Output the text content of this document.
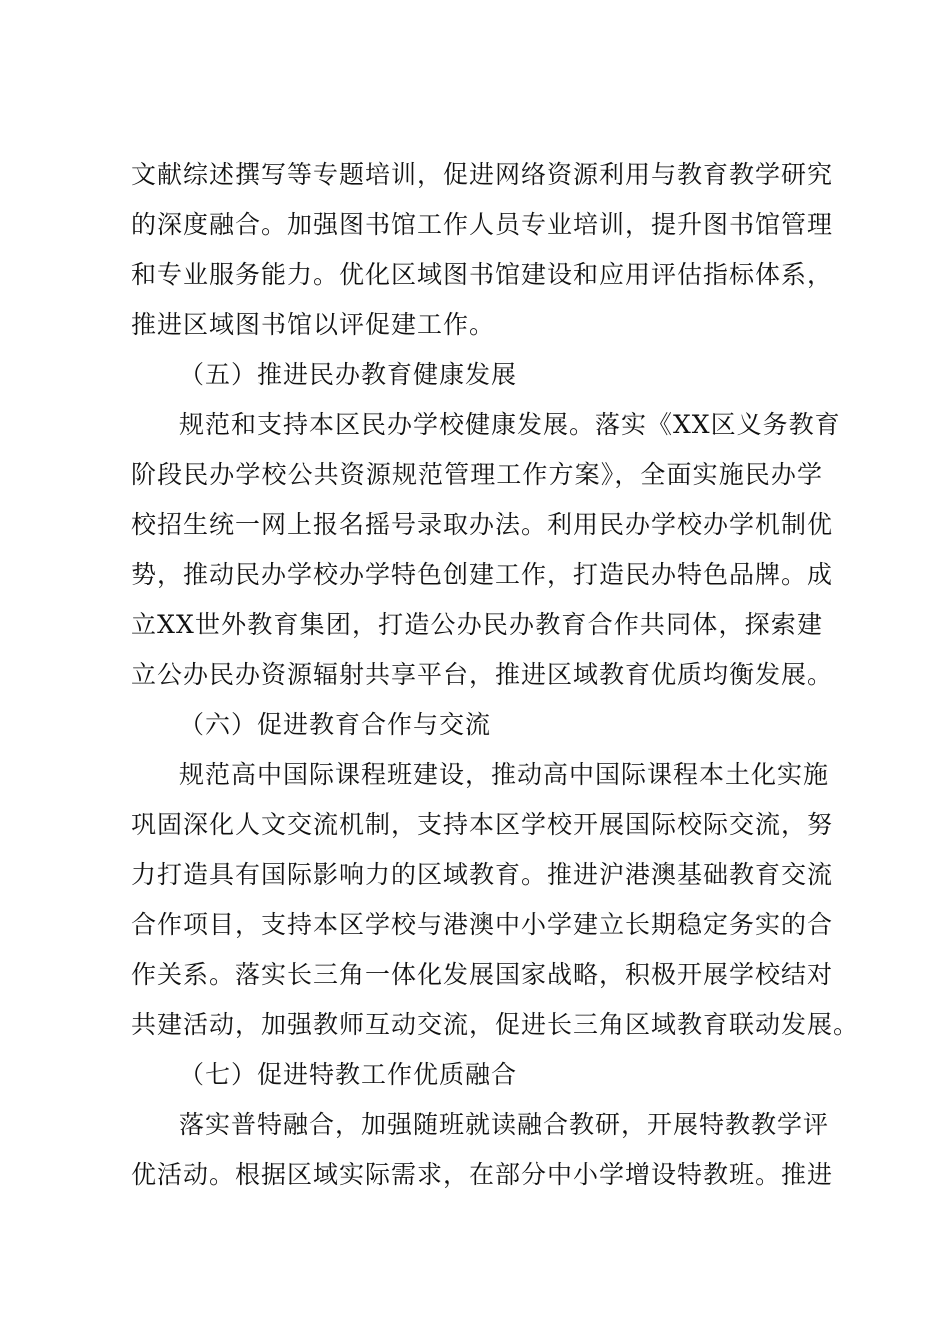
文献综述撰写等专题培训，促进网络资源利用与教育教学研究
的深度融合。加强图书馆工作人员专业培训，提升图书馆管理
和专业服务能力。优化区域图书馆建设和应用评估指标体系，
推进区域图书馆以评促建工作。
（五）推进民办教育健康发展
规范和支持本区民办学校健康发展。落实《XX区义务教育
阶段民办学校公共资源规范管理工作方案》，全面实施民办学
校招生统一网上报名摇号录取办法。利用民办学校办学机制优
势，推动民办学校办学特色创建工作，打造民办特色品牌。成
立XX世外教育集团，打造公办民办教育合作共同体，探索建
立公办民办资源辐射共享平台，推进区域教育优质均衡发展。
（六）促进教育合作与交流
规范高中国际课程班建设，推动高中国际课程本土化实施
巩固深化人文交流机制，支持本区学校开展国际校际交流，努
力打造具有国际影响力的区域教育。推进沪港澳基础教育交流
合作项目，支持本区学校与港澳中小学建立长期稳定务实的合
作关系。落实长三角一体化发展国家战略，积极开展学校结对
共建活动，加强教师互动交流，促进长三角区域教育联动发展。
（七）促进特教工作优质融合
落实普特融合，加强随班就读融合教研，开展特教教学评
优活动。根据区域实际需求，在部分中小学增设特教班。推进
